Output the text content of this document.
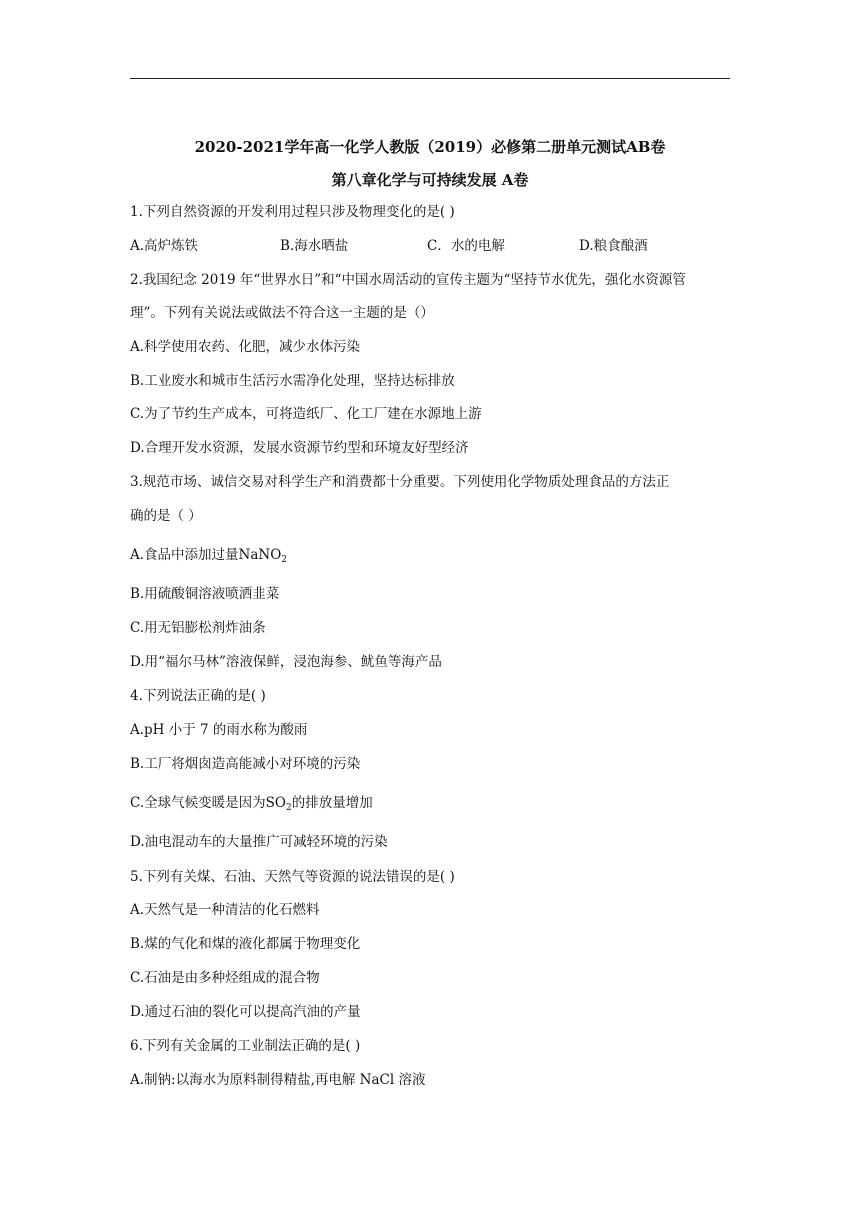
2020-2021学年高一化学人教版（2019）必修第二册单元测试AB卷
第八章化学与可持续发展 A卷
1.下列自然资源的开发利用过程只涉及物理变化的是( )
A.高炉炼铁	B.海水晒盐	C．水的电解	D.粮食酿酒
2.我国纪念 2019 年“世界水日”和“中国水周活动的宣传主题为“坚持节水优先，强化水资源管
理”。下列有关说法或做法不符合这一主题的是（）
A.科学使用农药、化肥，减少水体污染
B.工业废水和城市生活污水需净化处理，坚持达标排放
C.为了节约生产成本，可将造纸厂、化工厂建在水源地上游
D.合理开发水资源，发展水资源节约型和环境友好型经济
3.规范市场、诚信交易对科学生产和消费都十分重要。下列使用化学物质处理食品的方法正
确的是（ ）
A.食品中添加过量NaNO$_2$
B.用硫酸铜溶液喷洒韭菜
C.用无铝膨松剂炸油条
D.用“福尔马林”溶液保鲜，浸泡海参、鱿鱼等海产品
4.下列说法正确的是( )
A.pH 小于 7 的雨水称为酸雨
B.工厂将烟囱造高能减小对环境的污染
C.全球气候变暖是因为$SO_2$的排放量增加
D.油电混动车的大量推广可减轻环境的污染
5.下列有关煤、石油、天然气等资源的说法错误的是( )
A.天然气是一种清洁的化石燃料
B.煤的气化和煤的液化都属于物理变化
C.石油是由多种烃组成的混合物
D.通过石油的裂化可以提高汽油的产量
6.下列有关金属的工业制法正确的是( )
A.制钠:以海水为原料制得精盐,再电解 NaCl 溶液
